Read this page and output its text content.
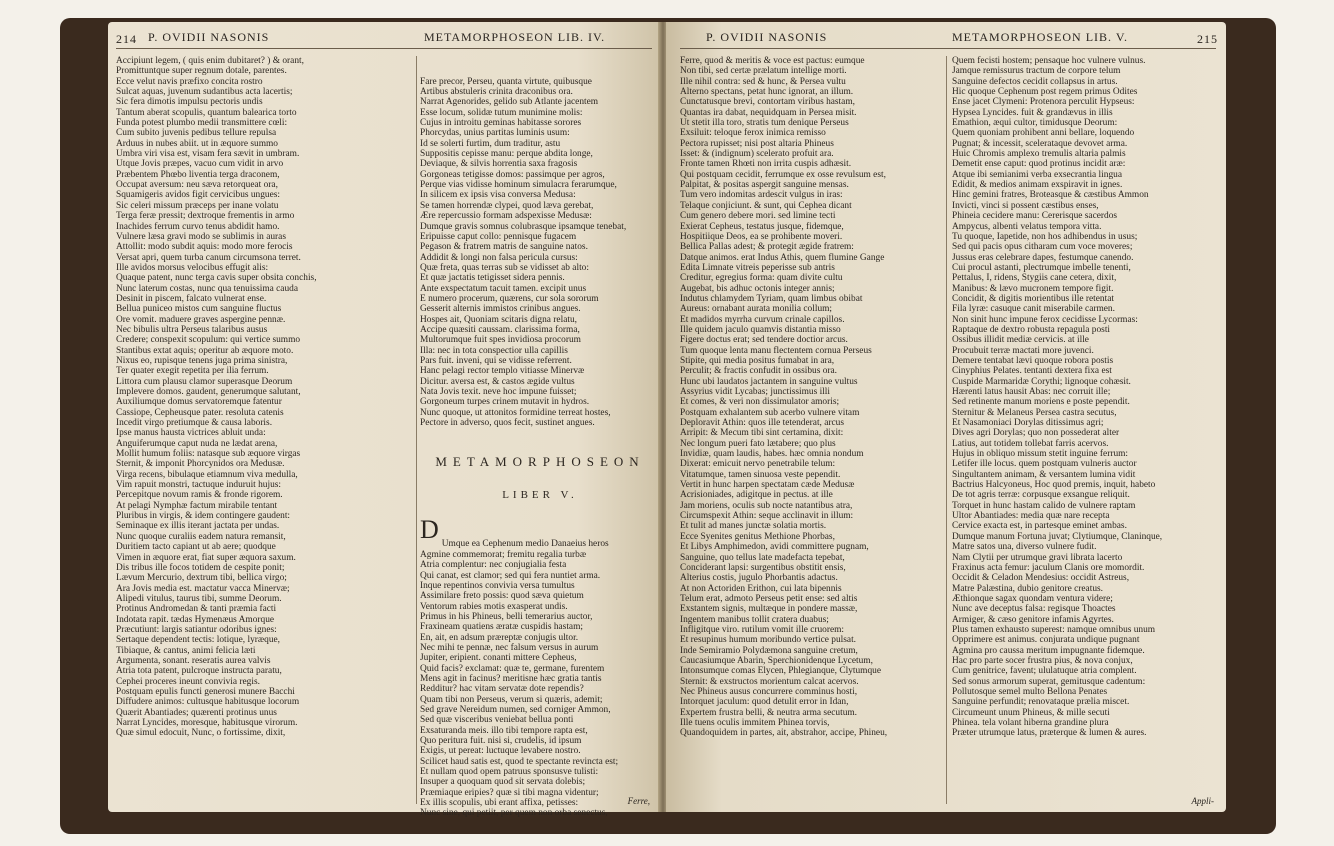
214 P. OVIDII NASONIS	METAMORPHOSEON LIB. IV.
Accipiunt legem, ( quis enim dubitaret? ) & orant,
Promittuntque super regnum dotale, parentes.
Ecce velut navis præfixo concita rostro
Sulcat aquas, juvenum sudantibus acta lacertis;
Sic fera dimotis impulsu pectoris undis
Tantum aberat scopulis, quantum balearica torto
Funda potest plumbo medii transmittere cœli:
Cum subito juvenis pedibus tellure repulsa
Arduus in nubes abiit. ut in æquore summo
Umbra viri visa est, visam fera sævit in umbram.
Utque Jovis præpes, vacuo cum vidit in arvo
Præbentem Phœbo liventia terga draconem,
Occupat aversum: neu sæva retorqueat ora,
Squamigeris avidos figit cervicibus ungues:
Sic celeri missum præceps per inane volatu
Terga feræ pressit; dextroque frementis in armo
Inachides ferrum curvo tenus abdidit hamo.
Vulnere læsa gravi modo se sublimis in auras
Attollit: modo subdit aquis: modo more ferocis
Versat apri, quem turba canum circumsona terret.
Ille avidos morsus velocibus effugit alis:
Quaque patent, nunc terga cavis super obsita conchis,
Nunc laterum costas, nunc qua tenuissima cauda
Desinit in piscem, falcato vulnerat ense.
Bellua puniceo mistos cum sanguine fluctus
Ore vomit. maduere graves aspergine pennæ.
Nec bibulis ultra Perseus talaribus ausus
Credere; conspexit scopulum: qui vertice summo
Stantibus extat aquis; operitur ab æquore moto.
Nixus eo, rupisque tenens juga prima sinistra,
Ter quater exegit repetita per ilia ferrum.
Littora cum plausu clamor superasque Deorum
Implevere domos. gaudent, generumque salutant,
Auxiliumque domus servatoremque fatentur
Cassiope, Cepheusque pater. resoluta catenis
Incedit virgo pretiumque & causa laboris.
Ipse manus hausta victrices abluit unda:
Anguiferumque caput nuda ne lædat arena,
Mollit humum foliis: natasque sub æquore virgas
Sternit, & imponit Phorcynidos ora Medusæ.
Virga recens, bibulaque etiamnum viva medulla,
Vim rapuit monstri, tactuque induruit hujus:
Percepitque novum ramis & fronde rigorem.
At pelagi Nymphæ factum mirabile tentant
Pluribus in virgis, & idem contingere gaudent:
Seminaque ex illis iterant jactata per undas.
Nunc quoque curaliis eadem natura remansit,
Duritiem tacto capiant ut ab aere; quodque
Vimen in æquore erat, fiat super æquora saxum.
Dis tribus ille focos totidem de cespite ponit;
Lævum Mercurio, dextrum tibi, bellica virgo;
Ara Jovis media est. mactatur vacca Minervæ;
Alipedi vitulus, taurus tibi, summe Deorum.
Protinus Andromedan & tanti præmia facti
Indotata rapit. tædas Hymenæus Amorque
Præcutiunt: largis satiantur odoribus ignes:
Sertaque dependent tectis: lotique, lyræque,
Tibiaque, & cantus, animi felicia læti
Argumenta, sonant. reseratis aurea valvis
Atria tota patent, pulcroque instructa paratu,
Cephei proceres ineunt convivia regis.
Postquam epulis functi generosi munere Bacchi
Diffudere animos: cultusque habitusque locorum
Quærit Abantiades; quærenti protinus unus
Narrat Lyncides, moresque, habitusque virorum.
Quæ simul edocuit, Nunc, o fortissime, dixit,

Fare precor, Perseu, quanta virtute, quibusque
Artibus abstuleris crinita draconibus ora.
Narrat Agenorides, gelido sub Atlante jacentem
Esse locum, solidæ tutum munimine molis:
Cujus in introitu geminas habitasse sorores
Phorcydas, unius partitas luminis usum:
Id se solerti furtim, dum traditur, astu
Suppositis cepisse manu: perque abdita longe,
Deviaque, & silvis horrentia saxa fragosis
Gorgoneas tetigisse domos: passimque per agros,
Perque vias vidisse hominum simulacra ferarumque,
In silicem ex ipsis visa conversa Medusa:
Se tamen horrendæ clypei, quod læva gerebat,
Ære repercussio formam adspexisse Medusæ:
Dumque gravis somnus colubrasque ipsamque tenebat,
Eripuisse caput collo: pennisque fugacem
Pegason & fratrem matris de sanguine natos.
Addidit & longi non falsa pericula cursus:
Quæ freta, quas terras sub se vidisset ab alto:
Et quæ jactatis tetigisset sidera pennis.
Ante exspectatum tacuit tamen. excipit unus
E numero procerum, quærens, cur sola sororum
Gesserit alternis immistos crinibus angues.
Hospes ait, Quoniam scitaris digna relatu,
Accipe quæsiti caussam. clarissima forma,
Multorumque fuit spes invidiosa procorum
Illa: nec in tota conspectior ulla capillis
Pars fuit. inveni, qui se vidisse referrent.
Hanc pelagi rector templo vitiasse Minervæ
Dicitur. aversa est, & castos ægide vultus
Nata Jovis texit. neve hoc impune fuisset;
Gorgoneum turpes crinem mutavit in hydros.
Nunc quoque, ut attonitos formidine terreat hostes,
Pectore in adverso, quos fecit, sustinet angues.

METAMORPHOSEON

LIBER V.

D

Umque ea Cephenum medio Danaeius heros
Agmine commemorat; fremitu regalia turbæ
Atria complentur: nec conjugialia festa
Qui canat, est clamor; sed qui fera nuntiet arma.
Inque repentinos convivia versa tumultus
Assimilare freto possis: quod sæva quietum
Ventorum rabies motis exasperat undis.
Primus in his Phineus, belli temerarius auctor,
Fraxineam quatiens æratæ cuspidis hastam;
En, ait, en adsum præreptæ conjugis ultor.
Nec mihi te pennæ, nec falsum versus in aurum
Jupiter, eripient. conanti mittere Cepheus,
Quid facis? exclamat: quæ te, germane, furentem
Mens agit in facinus? meritisne hæc gratia tantis
Redditur? hac vitam servatæ dote rependis?
Quam tibi non Perseus, verum si quæris, ademit;
Sed grave Nereidum numen, sed corniger Ammon,
Sed quæ visceribus veniebat bellua ponti
Exsaturanda meis. illo tibi tempore rapta est,
Quo peritura fuit. nisi si, crudelis, id ipsum
Exigis, ut pereat: luctuque levabere nostro.
Scilicet haud satis est, quod te spectante revincta est;
Et nullam quod opem patruus sponsusve tulisti:
Insuper a quoquam quod sit servata dolebis;
Præmiaque eripies? quæ si tibi magna videntur;
Ex illis scopulis, ubi erant affixa, petisses:
Nunc sine, qui petiit, per quem non orba senectus,

Ferre,
P. OVIDII NASONIS	METAMORPHOSEON LIB. V.	215
Ferre, quod & meritis & voce est pactus: eumque
Non tibi, sed certæ prælatum intellige morti.
Ille nihil contra: sed & hunc, & Persea vultu
Alterno spectans, petat hunc ignorat, an illum.
Cunctatusque brevi, contortam viribus hastam,
Quantas ira dabat, nequidquam in Persea misit.
Ut stetit illa toro, stratis tum denique Perseus
Exsiluit: teloque ferox inimica remisso
Pectora rupisset; nisi post altaria Phineus
Isset: & (indignum) scelerato profuit ara.
Fronte tamen Rhœti non irrita cuspis adhæsit.
Qui postquam cecidit, ferrumque ex osse revulsum est,
Palpitat, & positas aspergit sanguine mensas.
Tum vero indomitas ardescit vulgus in iras:
Telaque conjiciunt. & sunt, qui Cephea dicant
Cum genero debere mori. sed limine tecti
Exierat Cepheus, testatus jusque, fidemque,
Hospitiique Deos, ea se prohibente moveri.
Bellica Pallas adest; & protegit ægide fratrem:
Datque animos. erat Indus Athis, quem flumine Gange
Edita Limnate vitreis peperisse sub antris
Creditur, egregius forma: quam divite cultu
Augebat, bis adhuc octonis integer annis;
Indutus chlamydem Tyriam, quam limbus obibat
Aureus: ornabant aurata monilia collum;
Et madidos myrrha curvum crinale capillos.
Ille quidem jaculo quamvis distantia misso
Figere doctus erat; sed tendere doctior arcus.
Tum quoque lenta manu flectentem cornua Perseus
Stipite, qui media positus fumabat in ara,
Perculit; & fractis confudit in ossibus ora.
Hunc ubi laudatos jactantem in sanguine vultus
Assyrius vidit Lycabas; junctissimus illi
Et comes, & veri non dissimulator amoris;
Postquam exhalantem sub acerbo vulnere vitam
Deploravit Athin: quos ille tetenderat, arcus
Arripit: & Mecum tibi sint certamina, dixit:
Nec longum pueri fato lætabere; quo plus
Invidiæ, quam laudis, habes. hæc omnia nondum
Dixerat: emicuit nervo penetrabile telum:
Vitatumque, tamen sinuosa veste pependit.
Vertit in hunc harpen spectatam cæde Medusæ
Acrisioniades, adigitque in pectus. at ille
Jam moriens, oculis sub nocte natantibus atra,
Circumspexit Athin: seque acclinavit in illum:
Et tulit ad manes junctæ solatia mortis.
Ecce Syenites genitus Methione Phorbas,
Et Libys Amphimedon, avidi committere pugnam,
Sanguine, quo tellus late madefacta tepebat,
Conciderant lapsi: surgentibus obstitit ensis,
Alterius costis, jugulo Phorbantis adactus.
At non Actoriden Erithon, cui lata bipennis
Telum erat, admoto Perseus petit ense: sed altis
Exstantem signis, multæque in pondere massæ,
Ingentem manibus tollit cratera duabus;
Infligitque viro. rutilum vomit ille cruorem:
Et resupinus humum moribundo vertice pulsat.
Inde Semiramio Polydæmona sanguine cretum,
Caucasiumque Abarin, Sperchionidenque Lycetum,
Intonsumque comas Elycen, Phlegianque, Clytumque
Sternit: & exstructos morientum calcat acervos.
Nec Phineus ausus concurrere comminus hosti,
Intorquet jaculum: quod detulit error in Idan,
Expertem frustra belli, & neutra arma secutum.
Ille tuens oculis immitem Phinea torvis,
Quandoquidem in partes, ait, abstrahor, accipe, Phineu,
Quem fecisti hostem; pensaque hoc vulnere vulnus.
Jamque remissurus tractum de corpore telum
Sanguine defectos cecidit collapsus in artus.
Hic quoque Cephenum post regem primus Odites
Ense jacet Clymeni: Protenora perculit Hypseus:
Hypsea Lyncides. fuit & grandævus in illis
Emathion, æqui cultor, timidusque Deorum:
Quem quoniam prohibent anni bellare, loquendo
Pugnat; & incessit, scelerataque devovet arma.
Huic Chromis amplexo tremulis altaria palmis
Demetit ense caput: quod protinus incidit aræ:
Atque ibi semianimi verba exsecrantia lingua
Edidit, & medios animam exspiravit in ignes.
Hinc gemini fratres, Broteasque & cæstibus Ammon
Invicti, vinci si possent cæstibus enses,
Phineia cecidere manu: Cererisque sacerdos
Ampycus, albenti velatus tempora vitta.
Tu quoque, Iapetide, non hos adhibendus in usus;
Sed qui pacis opus citharam cum voce moveres;
Jussus eras celebrare dapes, festumque canendo.
Cui procul astanti, plectrumque imbelle tenenti,
Pettalus, I, ridens, Stygiis cane cetera, dixit,
Manibus: & lævo mucronem tempore figit.
Concidit, & digitis morientibus ille retentat
Fila lyræ: casuque canit miserabile carmen.
Non sinit hunc impune ferox cecidisse Lycormas:
Raptaque de dextro robusta repagula posti
Ossibus illidit mediæ cervicis. at ille
Procubuit terræ mactati more juvenci.
Demere tentabat lævi quoque robora postis
Cinyphius Pelates. tentanti dextera fixa est
Cuspide Marmaridæ Corythi; lignoque cohæsit.
Hærenti latus hausit Abas: nec corruit ille;
Sed retinente manum moriens e poste pependit.
Sternitur & Melaneus Persea castra secutus,
Et Nasamoniaci Dorylas ditissimus agri;
Dives agri Dorylas; quo non possederat alter
Latius, aut totidem tollebat farris acervos.
Hujus in obliquo missum stetit inguine ferrum:
Letifer ille locus. quem postquam vulneris auctor
Singultantem animam, & versantem lumina vidit
Bactrius Halcyoneus, Hoc quod premis, inquit, habeto
De tot agris terræ: corpusque exsangue reliquit.
Torquet in hunc hastam calido de vulnere raptam
Ultor Abantiades: media quæ nare recepta
Cervice exacta est, in partesque eminet ambas.
Dumque manum Fortuna juvat; Clytiumque, Claninque,
Matre satos una, diverso vulnere fudit.
Nam Clytii per utrumque gravi librata lacerto
Fraxinus acta femur: jaculum Clanis ore momordit.
Occidit & Celadon Mendesius: occidit Astreus,
Matre Palæstina, dubio genitore creatus.
Æthionque sagax quondam ventura videre;
Nunc ave deceptus falsa: regisque Thoactes
Armiger, & cæso genitore infamis Agyrtes.
Plus tamen exhausto superest: namque omnibus unum
Opprimere est animus. conjurata undique pugnant
Agmina pro caussa meritum impugnante fidemque.
Hac pro parte socer frustra pius, & nova conjux,
Cum genitrice, favent; ululatuque atria complent.
Sed sonus armorum superat, gemitusque cadentum:
Pollutosque semel multo Bellona Penates
Sanguine perfundit; renovataque prælia miscet.
Circumeunt unum Phineus, & mille secuti
Phinea. tela volant hiberna grandine plura
Præter utrumque latus, præterque & lumen & aures.
Appli-
